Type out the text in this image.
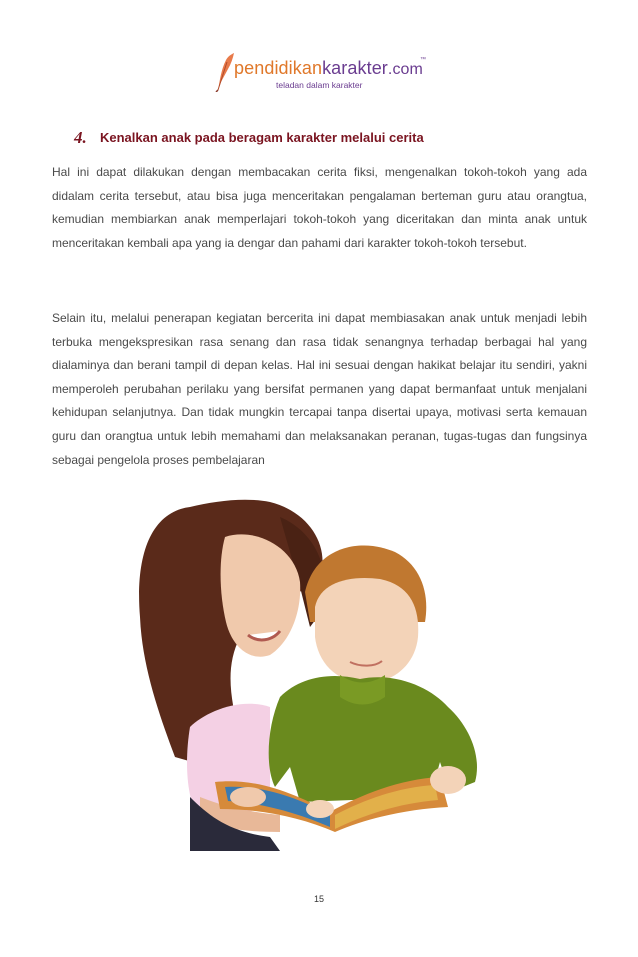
pendidikankarakter.com
™
teladan dalam karakter
4. Kenalkan anak pada beragam karakter melalui cerita

Hal ini dapat dilakukan dengan membacakan cerita fiksi, mengenalkan tokoh-tokoh yang ada didalam cerita tersebut, atau bisa juga menceritakan pengalaman berteman guru atau orangtua, kemudian membiarkan anak memperlajari tokoh-tokoh yang diceritakan dan minta anak untuk menceritakan kembali apa yang ia dengar dan pahami dari karakter tokoh-tokoh tersebut.

Selain itu, melalui penerapan kegiatan bercerita ini dapat membiasakan anak untuk menjadi lebih terbuka mengekspresikan rasa senang dan rasa tidak senangnya terhadap berbagai hal yang dialaminya dan berani tampil di depan kelas. Hal ini sesuai dengan hakikat belajar itu sendiri, yakni memperoleh perubahan perilaku yang bersifat permanen yang dapat bermanfaat untuk menjalani kehidupan selanjutnya. Dan tidak mungkin tercapai tanpa disertai upaya, motivasi serta kemauan guru dan orangtua untuk lebih memahami dan melaksanakan peranan, tugas-tugas dan fungsinya sebagai pengelola proses pembelajaran

15
